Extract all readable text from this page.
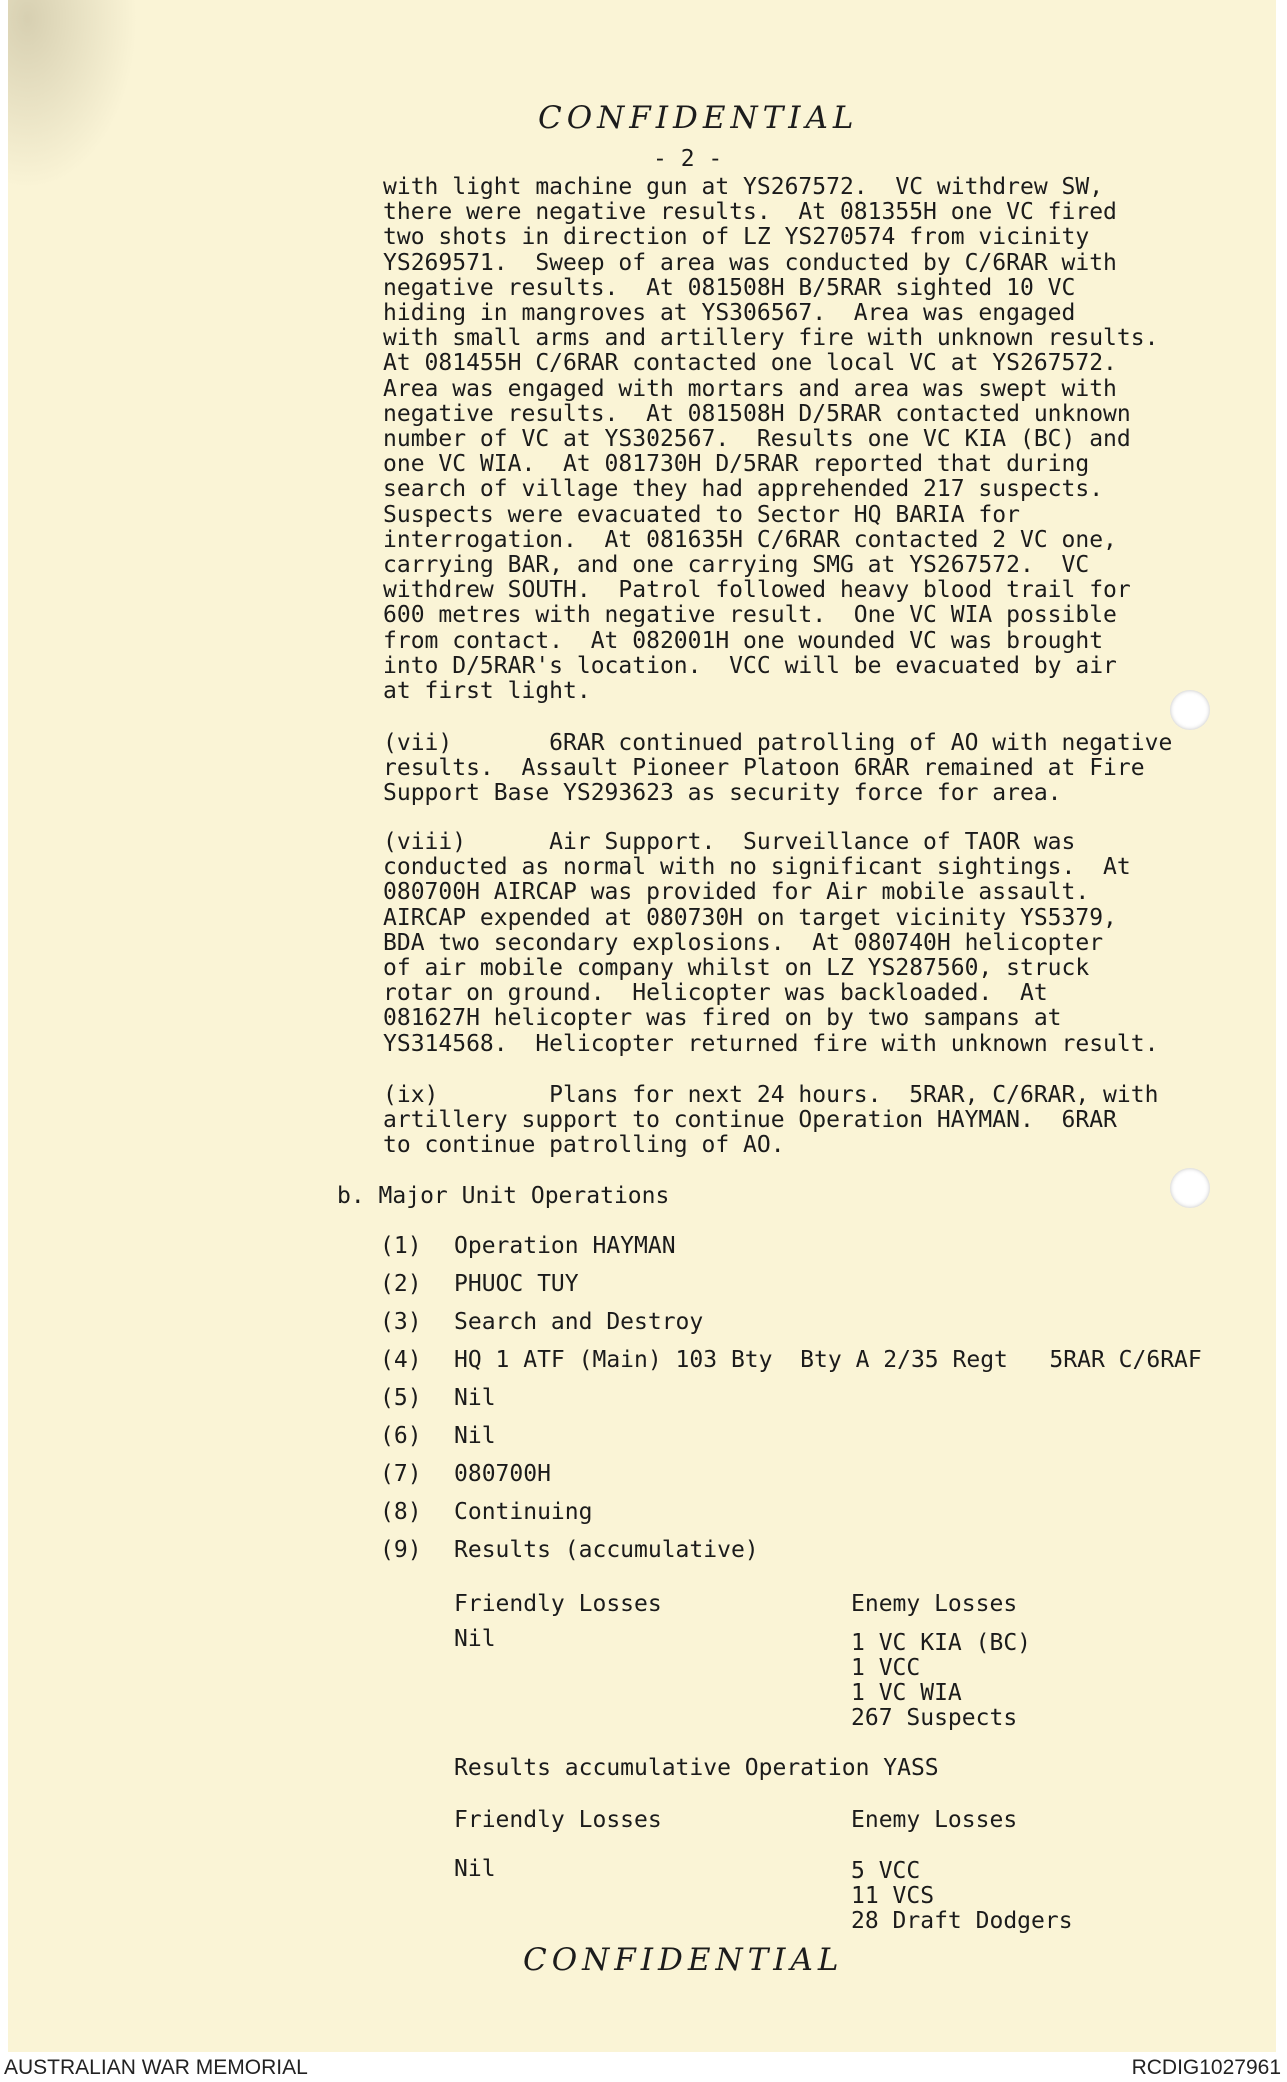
CONFIDENTIAL
- 2 -
with light machine gun at YS267572.  VC withdrew SW,
there were negative results.  At 081355H one VC fired
two shots in direction of LZ YS270574 from vicinity
YS269571.  Sweep of area was conducted by C/6RAR with
negative results.  At 081508H B/5RAR sighted 10 VC
hiding in mangroves at YS306567.  Area was engaged
with small arms and artillery fire with unknown results.
At 081455H C/6RAR contacted one local VC at YS267572.
Area was engaged with mortars and area was swept with
negative results.  At 081508H D/5RAR contacted unknown
number of VC at YS302567.  Results one VC KIA (BC) and
one VC WIA.  At 081730H D/5RAR reported that during
search of village they had apprehended 217 suspects.
Suspects were evacuated to Sector HQ BARIA for
interrogation.  At 081635H C/6RAR contacted 2 VC one,
carrying BAR, and one carrying SMG at YS267572.  VC
withdrew SOUTH.  Patrol followed heavy blood trail for
600 metres with negative result.  One VC WIA possible
from contact.  At 082001H one wounded VC was brought
into D/5RAR's location.  VCC will be evacuated by air
at first light.
(vii)       6RAR continued patrolling of AO with negative
results.  Assault Pioneer Platoon 6RAR remained at Fire
Support Base YS293623 as security force for area.
(viii)      Air Support.  Surveillance of TAOR was
conducted as normal with no significant sightings.  At
080700H AIRCAP was provided for Air mobile assault.
AIRCAP expended at 080730H on target vicinity YS5379,
BDA two secondary explosions.  At 080740H helicopter
of air mobile company whilst on LZ YS287560, struck
rotar on ground.  Helicopter was backloaded.  At
081627H helicopter was fired on by two sampans at
YS314568.  Helicopter returned fire with unknown result.
(ix)        Plans for next 24 hours.  5RAR, C/6RAR, with
artillery support to continue Operation HAYMAN.  6RAR
to continue patrolling of AO.
b. Major Unit Operations
(1)	Operation HAYMAN
(2)	PHUOC TUY
(3)	Search and Destroy
(4)	HQ 1 ATF (Main) 103 Bty  Bty A 2/35 Regt   5RAR C/6RAF
(5)	Nil
(6)	Nil
(7)	080700H
(8)	Continuing
(9)	Results (accumulative)
Friendly Losses	Enemy Losses
Nil	1 VC KIA (BC)
1 VCC
1 VC WIA
267 Suspects
Results accumulative Operation YASS
Friendly Losses	Enemy Losses
Nil	5 VCC
11 VCS
28 Draft Dodgers
CONFIDENTIAL
AUSTRALIAN WAR MEMORIAL	RCDIG1027961
